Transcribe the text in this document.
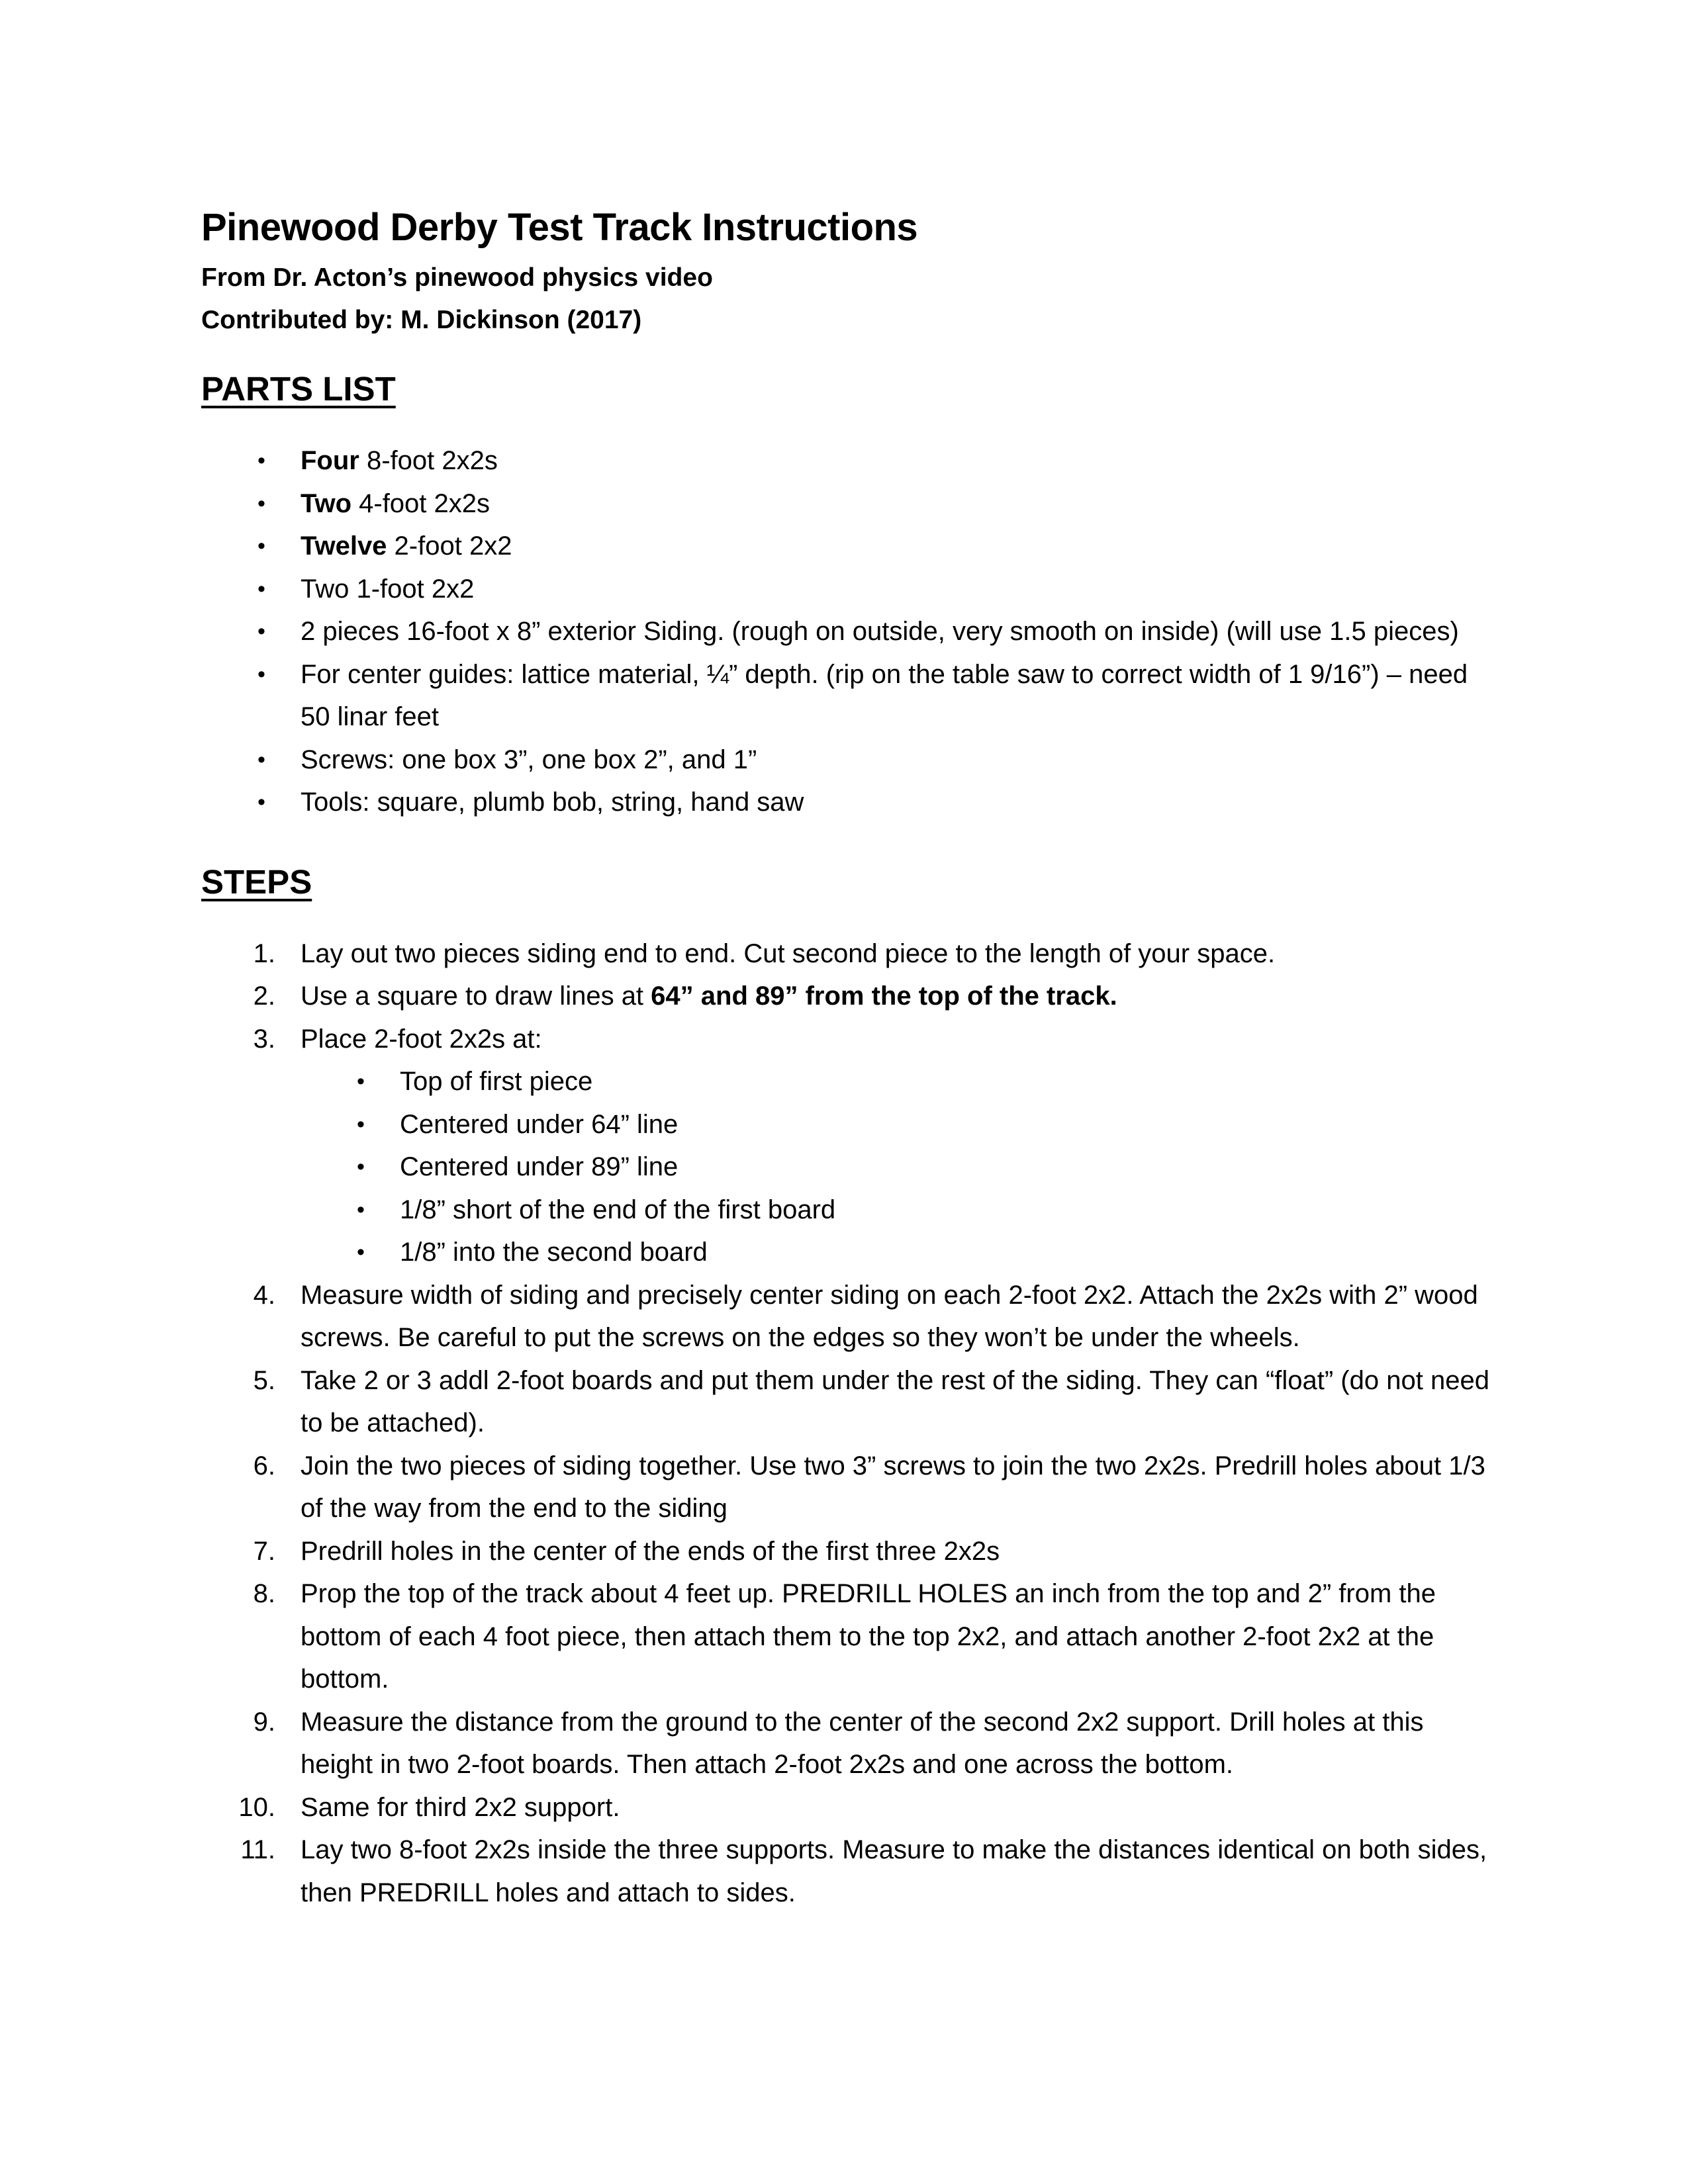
Pinewood Derby Test Track Instructions

From Dr. Acton’s pinewood physics video

Contributed by: M. Dickinson (2017)

PARTS LIST
• Four 8-foot 2x2s
• Two 4-foot 2x2s
• Twelve 2-foot 2x2
• Two 1-foot 2x2
• 2 pieces 16-foot x 8” exterior Siding. (rough on outside, very smooth on inside) (will use 1.5 pieces)
• For center guides: lattice material, ¼” depth. (rip on the table saw to correct width of 1 9/16”) – need 50 linar feet
• Screws: one box 3”, one box 2”, and 1”
• Tools: square, plumb bob, string, hand saw
STEPS
1. Lay out two pieces siding end to end. Cut second piece to the length of your space.
2. Use a square to draw lines at 64” and 89” from the top of the track.
3. Place 2-foot 2x2s at:
• Top of first piece
• Centered under 64” line
• Centered under 89” line
• 1/8” short of the end of the first board
• 1/8” into the second board
4. Measure width of siding and precisely center siding on each 2-foot 2x2. Attach the 2x2s with 2” wood screws. Be careful to put the screws on the edges so they won’t be under the wheels.
5. Take 2 or 3 addl 2-foot boards and put them under the rest of the siding. They can “float” (do not need to be attached).
6. Join the two pieces of siding together. Use two 3” screws to join the two 2x2s. Predrill holes about 1/3 of the way from the end to the siding
7. Predrill holes in the center of the ends of the first three 2x2s
8. Prop the top of the track about 4 feet up. PREDRILL HOLES an inch from the top and 2” from the bottom of each 4 foot piece, then attach them to the top 2x2, and attach another 2-foot 2x2 at the bottom.
9. Measure the distance from the ground to the center of the second 2x2 support. Drill holes at this height in two 2-foot boards. Then attach 2-foot 2x2s and one across the bottom.
10. Same for third 2x2 support.
11. Lay two 8-foot 2x2s inside the three supports. Measure to make the distances identical on both sides, then PREDRILL holes and attach to sides.
